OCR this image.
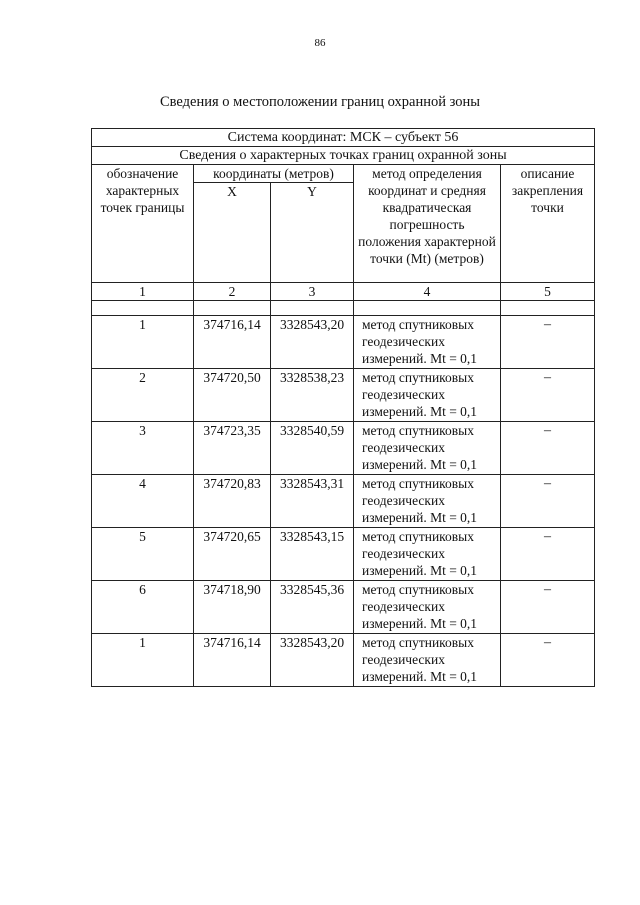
86
Сведения о местоположении границ охранной зоны
Система координат: МСК – субъект 56				
Сведения о характерных точках границ охранной зоны				
обозначение характерных точек границы	координаты (метров)		метод определения координат и средняя квадратическая погрешность положения характерной точки (Mt) (метров)	описание закрепления точки
	X	Y		
1	2	3	4	5

1	374716,14	3328543,20	метод спутниковых геодезических измерений. Mt = 0,1	–
2	374720,50	3328538,23	метод спутниковых геодезических измерений. Mt = 0,1	–
3	374723,35	3328540,59	метод спутниковых геодезических измерений. Mt = 0,1	–
4	374720,83	3328543,31	метод спутниковых геодезических измерений. Mt = 0,1	–
5	374720,65	3328543,15	метод спутниковых геодезических измерений. Mt = 0,1	–
6	374718,90	3328545,36	метод спутниковых геодезических измерений. Mt = 0,1	–
1	374716,14	3328543,20	метод спутниковых геодезических измерений. Mt = 0,1	–
